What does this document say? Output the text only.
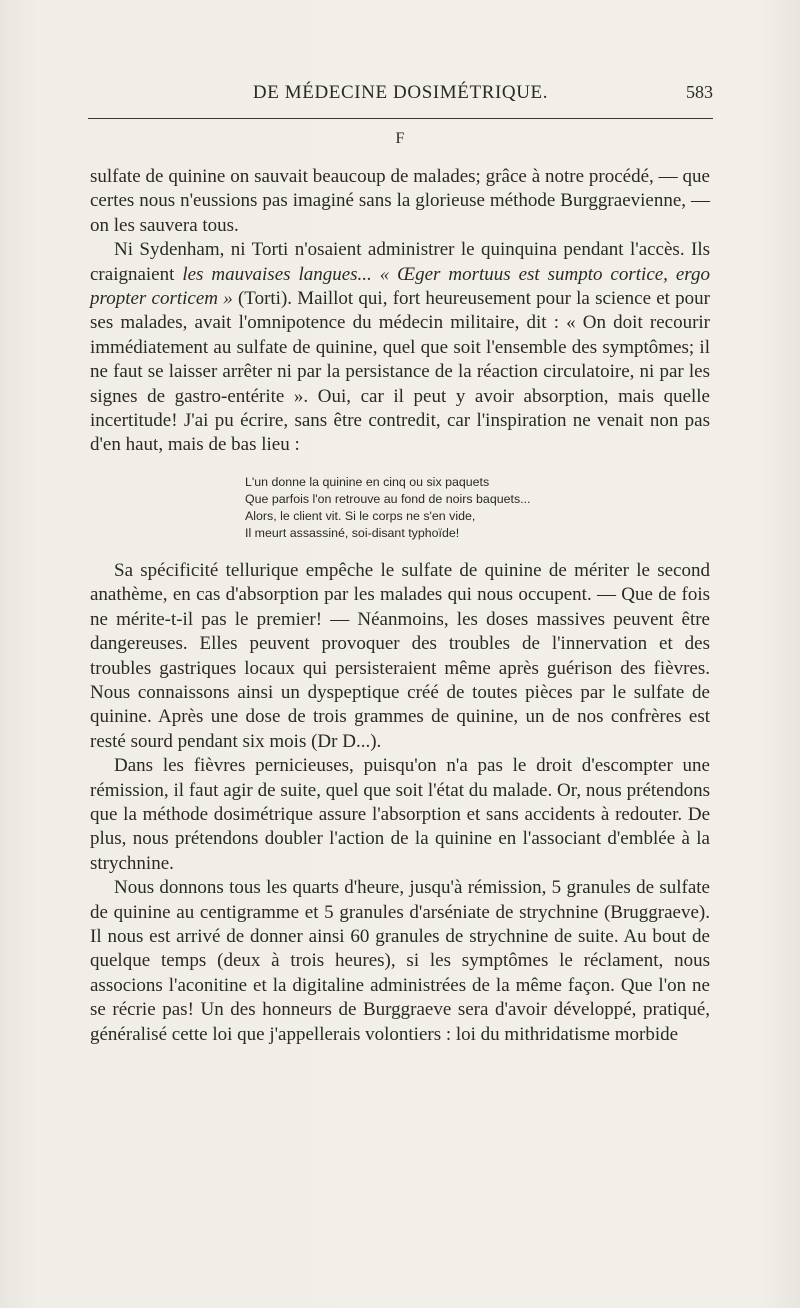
DE MÉDECINE DOSIMÉTRIQUE.	583
F

sulfate de quinine on sauvait beaucoup de malades; grâce à notre procédé, — que certes nous n'eussions pas imaginé sans la glorieuse méthode Burggraevienne, — on les sauvera tous.

Ni Sydenham, ni Torti n'osaient administrer le quinquina pendant l'accès. Ils craignaient les mauvaises langues... « Œger mortuus est sumpto cortice, ergo propter corticem » (Torti). Maillot qui, fort heureusement pour la science et pour ses malades, avait l'omnipotence du médecin militaire, dit : « On doit recourir immédiatement au sulfate de quinine, quel que soit l'ensemble des symptômes; il ne faut se laisser arrêter ni par la persistance de la réaction circulatoire, ni par les signes de gastro-entérite ». Oui, car il peut y avoir absorption, mais quelle incertitude! J'ai pu écrire, sans être contredit, car l'inspiration ne venait non pas d'en haut, mais de bas lieu :

L'un donne la quinine en cinq ou six paquets
Que parfois l'on retrouve au fond de noirs baquets...
Alors, le client vit. Si le corps ne s'en vide,
Il meurt assassiné, soi-disant typhoïde!

Sa spécificité tellurique empêche le sulfate de quinine de mériter le second anathème, en cas d'absorption par les malades qui nous occupent. — Que de fois ne mérite-t-il pas le premier! — Néanmoins, les doses massives peuvent être dangereuses. Elles peuvent provoquer des troubles de l'innervation et des troubles gastriques locaux qui persisteraient même après guérison des fièvres. Nous connaissons ainsi un dyspeptique créé de toutes pièces par le sulfate de quinine. Après une dose de trois grammes de quinine, un de nos confrères est resté sourd pendant six mois (Dr D...).

Dans les fièvres pernicieuses, puisqu'on n'a pas le droit d'escompter une rémission, il faut agir de suite, quel que soit l'état du malade. Or, nous prétendons que la méthode dosimétrique assure l'absorption et sans accidents à redouter. De plus, nous prétendons doubler l'action de la quinine en l'associant d'emblée à la strychnine.

Nous donnons tous les quarts d'heure, jusqu'à rémission, 5 granules de sulfate de quinine au centigramme et 5 granules d'arséniate de strychnine (Bruggraeve). Il nous est arrivé de donner ainsi 60 granules de strychnine de suite. Au bout de quelque temps (deux à trois heures), si les symptômes le réclament, nous associons l'aconitine et la digitaline administrées de la même façon. Que l'on ne se récrie pas! Un des honneurs de Burggraeve sera d'avoir développé, pratiqué, généralisé cette loi que j'appellerais volontiers : loi du mithridatisme morbide
